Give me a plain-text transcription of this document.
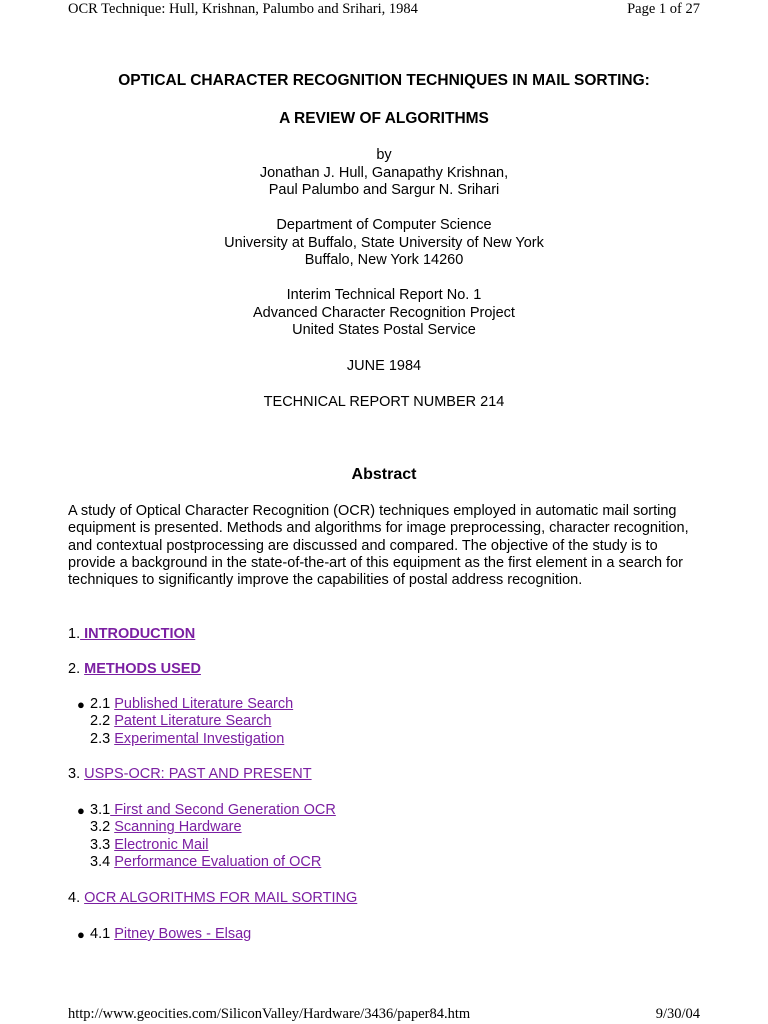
OCR Technique: Hull, Krishnan, Palumbo and Srihari, 1984	Page 1 of 27
OPTICAL CHARACTER RECOGNITION TECHNIQUES IN MAIL SORTING:
A REVIEW OF ALGORITHMS
by
Jonathan J. Hull, Ganapathy Krishnan,
Paul Palumbo and Sargur N. Srihari
Department of Computer Science
University at Buffalo, State University of New York
Buffalo, New York 14260
Interim Technical Report No. 1
Advanced Character Recognition Project
United States Postal Service
JUNE 1984
TECHNICAL REPORT NUMBER 214
Abstract
A study of Optical Character Recognition (OCR) techniques employed in automatic mail sorting equipment is presented. Methods and algorithms for image preprocessing, character recognition, and contextual postprocessing are discussed and compared. The objective of the study is to provide a background in the state-of-the-art of this equipment as the first element in a search for techniques to significantly improve the capabilities of postal address recognition.
1. INTRODUCTION
2. METHODS USED
● 2.1 Published Literature Search
2.2 Patent Literature Search
2.3 Experimental Investigation
3. USPS-OCR: PAST AND PRESENT
● 3.1 First and Second Generation OCR
3.2 Scanning Hardware
3.3 Electronic Mail
3.4 Performance Evaluation of OCR
4. OCR ALGORITHMS FOR MAIL SORTING
● 4.1 Pitney Bowes - Elsag
http://www.geocities.com/SiliconValley/Hardware/3436/paper84.htm	9/30/04
